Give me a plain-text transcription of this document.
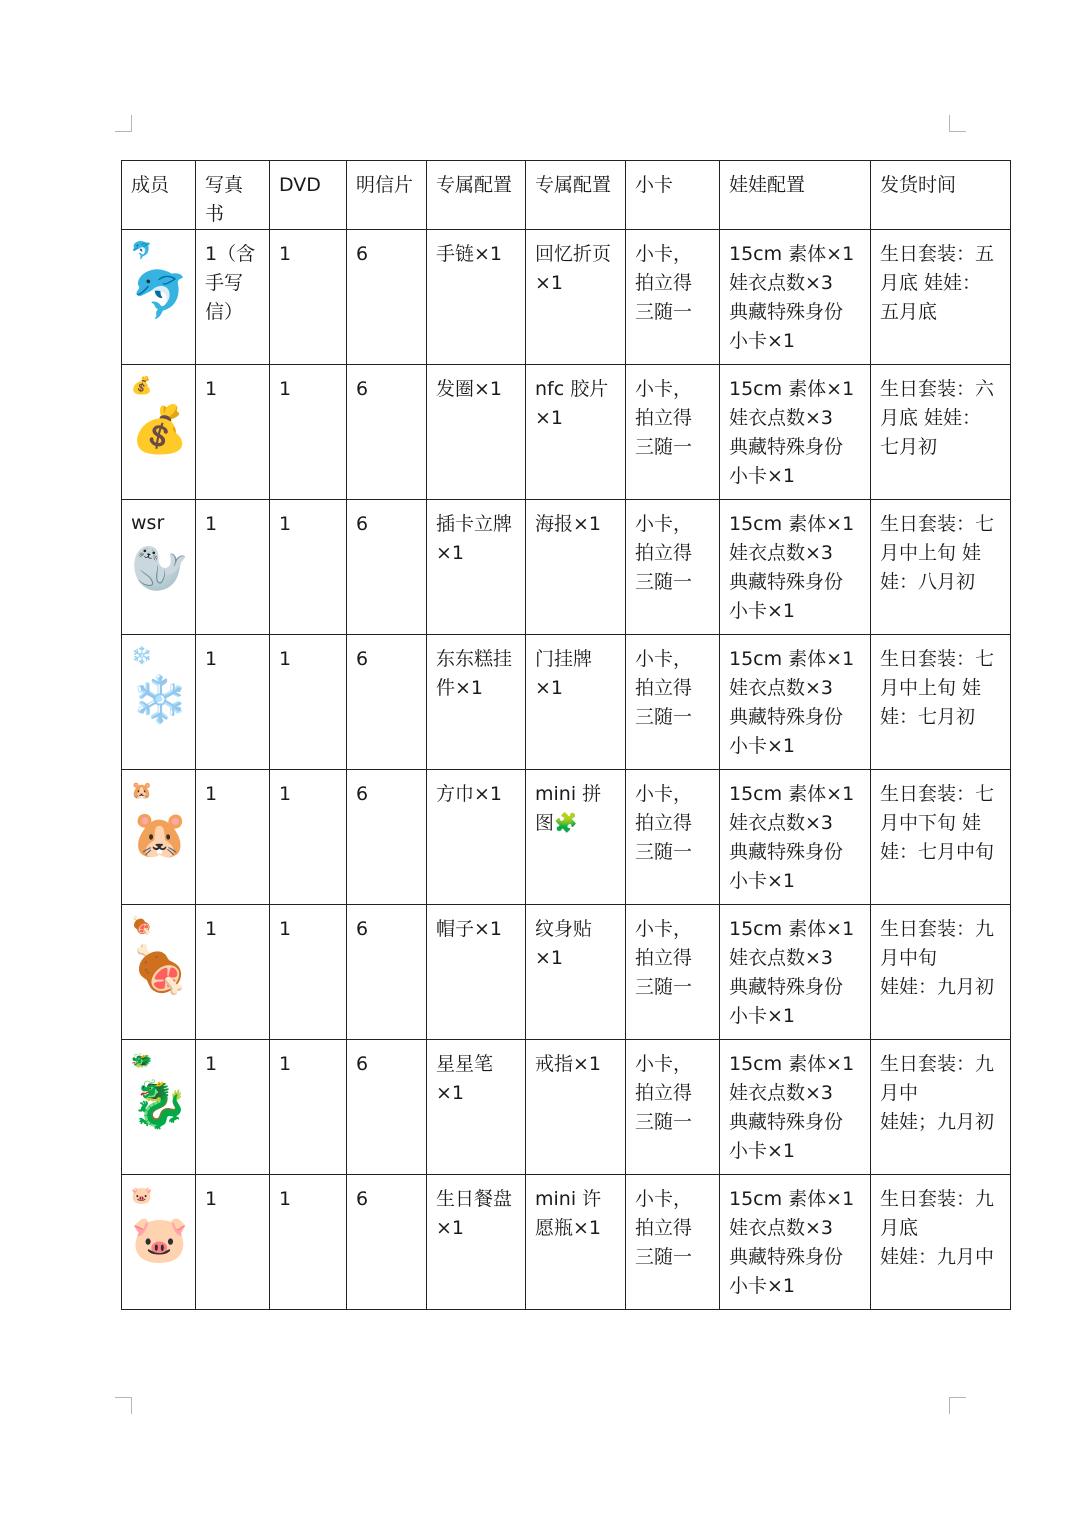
成员	写真书	DVD	明信片	专属配置	专属配置	小卡	娃娃配置	发货时间

🐬
🐬	1（含
手写
信）	1	6	手链×1	回忆折页
×1	小卡，
拍立得
三随一	15cm 素体×1
娃衣点数×3
典藏特殊身份
小卡×1	生日套装：五
月底 娃娃：
五月底

💰
💰	1	1	6	发圈×1	nfc 胶片
×1	小卡，
拍立得
三随一	15cm 素体×1
娃衣点数×3
典藏特殊身份
小卡×1	生日套装：六
月底 娃娃：
七月初

wsr
🦭	1	1	6	插卡立牌
×1	海报×1	小卡，
拍立得
三随一	15cm 素体×1
娃衣点数×3
典藏特殊身份
小卡×1	生日套装：七
月中上旬 娃
娃：八月初

❄️
❄️	1	1	6	东东糕挂
件×1	门挂牌
×1	小卡，
拍立得
三随一	15cm 素体×1
娃衣点数×3
典藏特殊身份
小卡×1	生日套装：七
月中上旬 娃
娃：七月初

🐹
🐹	1	1	6	方巾×1	mini 拼
图🧩	小卡，
拍立得
三随一	15cm 素体×1
娃衣点数×3
典藏特殊身份
小卡×1	生日套装：七
月中下旬 娃
娃：七月中旬

🍖
🍖	1	1	6	帽子×1	纹身贴
×1	小卡，
拍立得
三随一	15cm 素体×1
娃衣点数×3
典藏特殊身份
小卡×1	生日套装：九
月中旬
娃娃：九月初

🐲
🐉	1	1	6	星星笔
×1	戒指×1	小卡，
拍立得
三随一	15cm 素体×1
娃衣点数×3
典藏特殊身份
小卡×1	生日套装：九
月中
娃娃；九月初

🐷
🐷	1	1	6	生日餐盘
×1	mini 许
愿瓶×1	小卡，
拍立得
三随一	15cm 素体×1
娃衣点数×3
典藏特殊身份
小卡×1	生日套装：九
月底
娃娃：九月中
